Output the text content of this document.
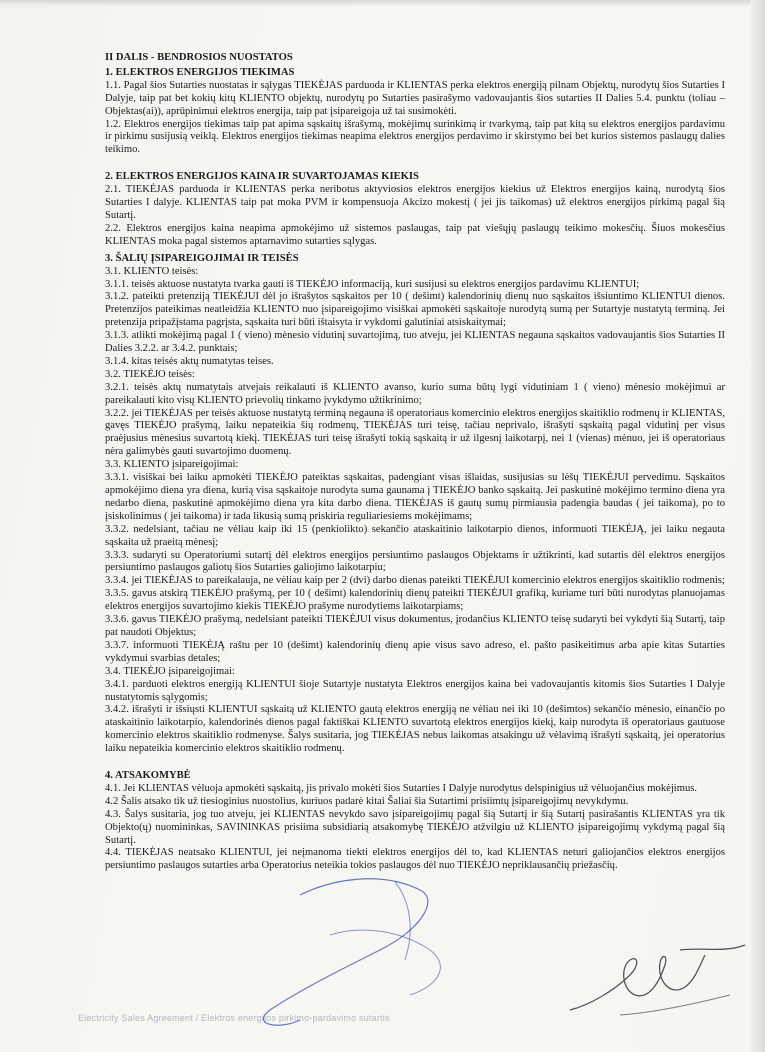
II DALIS - BENDROSIOS NUOSTATOS

1. ELEKTROS ENERGIJOS TIEKIMAS

1.1. Pagal šios Sutarties nuostatas ir sąlygas TIEKĖJAS parduoda ir KLIENTAS perka elektros energiją pilnam Objektų, nurodytų šios Sutarties I Dalyje, taip pat bet kokių kitų KLIENTO objektų, nurodytų po Sutarties pasirašymo vadovaujantis šios sutarties II Dalies 5.4. punktu (toliau – Objektas(ai)), aprūpinimui elektros energija, taip pat įsipareigoja už tai susimokėti.

1.2. Elektros energijos tiekimas taip pat apima sąskaitų išrašymą, mokėjimų surinkimą ir tvarkymą, taip pat kitą su elektros energijos pardavimu ir pirkimu susijusią veiklą. Elektros energijos tiekimas neapima elektros energijos perdavimo ir skirstymo bei bet kurios sistemos paslaugų dalies teikimo.

2. ELEKTROS ENERGIJOS KAINA IR SUVARTOJAMAS KIEKIS

2.1. TIEKĖJAS parduoda ir KLIENTAS perka neribotus aktyviosios elektros energijos kiekius už Elektros energijos kainą, nurodytą šios Sutarties I dalyje. KLIENTAS taip pat moka PVM ir kompensuoja Akcizo mokestį ( jei jis taikomas) už elektros energijos pirkimą pagal šią Sutartį.

2.2. Elektros energijos kaina neapima apmokėjimo už sistemos paslaugas, taip pat viešųjų paslaugų teikimo mokesčių. Šiuos mokesčius KLIENTAS moka pagal sistemos aptarnavimo sutarties sąlygas.

3. ŠALIŲ ĮSIPAREIGOJIMAI IR TEISĖS

3.1. KLIENTO teisės:

3.1.1. teisės aktuose nustatyta tvarka gauti iš TIEKĖJO informaciją, kuri susijusi su elektros energijos pardavimu KLIENTUI;

3.1.2. pateikti pretenziją TIEKĖJUI dėl jo išrašytos sąskaitos per 10 ( dešimt) kalendorinių dienų nuo sąskaitos išsiuntimo KLIENTUI dienos. Pretenzijos pateikimas neatleidžia KLIENTO nuo įsipareigojimo visiškai apmokėti sąskaitoje nurodytą sumą per Sutartyje nustatytą terminą. Jei pretenzija pripažįstama pagrįsta, sąskaita turi būti ištaisyta ir vykdomi galutiniai atsiskaitymai;

3.1.3. atlikti mokėjimą pagal 1 ( vieno) mėnesio vidutinį suvartojimą, tuo atveju, jei KLIENTAS negauna sąskaitos vadovaujantis šios Sutarties II Dalies 3.2.2. ar 3.4.2. punktais;

3.1.4. kitas teisės aktų numatytas teises.

3.2. TIEKĖJO teisės:

3.2.1. teisės aktų numatytais atvejais reikalauti iš KLIENTO avanso, kurio suma būtų lygi vidutiniam 1 ( vieno) mėnesio mokėjimui ar pareikalauti kito visų KLIENTO prievolių tinkamo įvykdymo užtikrinimo;

3.2.2. jei TIEKĖJAS per teisės aktuose nustatytą terminą negauna iš operatoriaus komercinio elektros energijos skaitiklio rodmenų ir KLIENTAS, gavęs TIEKĖJO prašymą, laiku nepateikia šių rodmenų, TIEKĖJAS turi teisę, tačiau neprivalo, išrašyti sąskaitą pagal vidutinį per visus praėjusius mėnesius suvartotą kiekį. TIEKĖJAS turi teisę išrašyti tokią sąskaitą ir už ilgesnį laikotarpį, nei 1 (vienas) mėnuo, jei iš operatoriaus nėra galimybės gauti suvartojimo duomenų.

3.3. KLIENTO įsipareigojimai:

3.3.1. visiškai bei laiku apmokėti TIEKĖJO pateiktas sąskaitas, padengiant visas išlaidas, susijusias su lėšų TIEKĖJUI pervedimu. Sąskaitos apmokėjimo diena yra diena, kurią visa sąskaitoje nurodyta suma gaunama į TIEKĖJO banko sąskaitą. Jei paskutinė mokėjimo termino diena yra nedarbo diena, paskutinė apmokėjimo diena yra kita darbo diena. TIEKĖJAS iš gautų sumų pirmiausia padengia baudas ( jei taikoma), po to įsiskolinimus ( jei taikoma) ir tada likusią sumą priskiria reguliariesiems mokėjimams;

3.3.2. nedelsiant, tačiau ne vėliau kaip iki 15 (penkiolikto) sekančio ataskaitinio laikotarpio dienos, informuoti TIEKĖJĄ, jei laiku negauta sąskaita už praeitą mėnesį;

3.3.3. sudaryti su Operatoriumi sutartį dėl elektros energijos persiuntimo paslaugos Objektams ir užtikrinti, kad sutartis dėl elektros energijos persiuntimo paslaugos galiotų šios Sutarties galiojimo laikotarpiu;

3.3.4. jei TIEKĖJAS to pareikalauja, ne vėliau kaip per 2 (dvi) darbo dienas pateikti TIEKĖJUI komercinio elektros energijos skaitiklio rodmenis;

3.3.5. gavus atskirą TIEKĖJO prašymą, per 10 ( dešimt) kalendorinių dienų pateikti TIEKĖJUI grafiką, kuriame turi būti nurodytas planuojamas elektros energijos suvartojimo kiekis TIEKĖJO prašyme nurodytiems laikotarpiams;

3.3.6. gavus TIEKĖJO prašymą, nedelsiant pateikti TIEKĖJUI visus dokumentus, įrodančius KLIENTO teisę sudaryti bei vykdyti šią Sutartį, taip pat naudoti Objektus;

3.3.7. informuoti TIEKĖJĄ raštu per 10 (dešimt) kalendorinių dienų apie visus savo adreso, el. pašto pasikeitimus arba apie kitas Sutarties vykdymui svarbias detales;

3.4. TIEKĖJO įsipareigojimai:

3.4.1. parduoti elektros energiją KLIENTUI šioje Sutartyje nustatyta Elektros energijos kaina bei vadovaujantis kitomis šios Sutarties I Dalyje nustatytomis sąlygomis;

3.4.2. išrašyti ir išsiųsti KLIENTUI sąskaitą už KLIENTO gautą elektros energiją ne vėliau nei iki 10 (dešimtos) sekančio mėnesio, einančio po ataskaitinio laikotarpio, kalendorinės dienos pagal faktiškai KLIENTO suvartotą elektros energijos kiekį, kaip nurodyta iš operatoriaus gautuose komercinio elektros skaitiklio rodmenyse. Šalys susitaria, jog TIEKĖJAS nebus laikomas atsakingu už vėlavimą išrašyti sąskaitą, jei operatorius laiku nepateikia komercinio elektros skaitiklio rodmenų.

4. ATSAKOMYBĖ

4.1. Jei KLIENTAS vėluoja apmokėti sąskaitą, jis privalo mokėti šios Sutarties I Dalyje nurodytus delspinigius už vėluojančius mokėjimus.

4.2 Šalis atsako tik už tiesioginius nuostolius, kuriuos padarė kitai Šaliai šia Sutartimi prisiimtų įsipareigojimų nevykdymu.

4.3. Šalys susitaria, jog tuo atveju, jei KLIENTAS nevykdo savo įsipareigojimų pagal šią Sutartį ir šią Sutartį pasirašantis KLIENTAS yra tik Objekto(ų) nuomininkas, SAVININKAS prisiima subsidiarią atsakomybę TIEKĖJO atžvilgiu už KLIENTO įsipareigojimų vykdymą pagal šią Sutartį.

4.4. TIEKĖJAS neatsako KLIENTUI, jei neįmanoma tiekti elektros energijos dėl to, kad KLIENTAS neturi galiojančios elektros energijos persiuntimo paslaugos sutarties arba Operatorius neteikia tokios paslaugos dėl nuo TIEKĖJO nepriklausančių priežasčių.

Electricity Sales Agreement / Elektros energijos pirkimo-pardavimo sutartis
